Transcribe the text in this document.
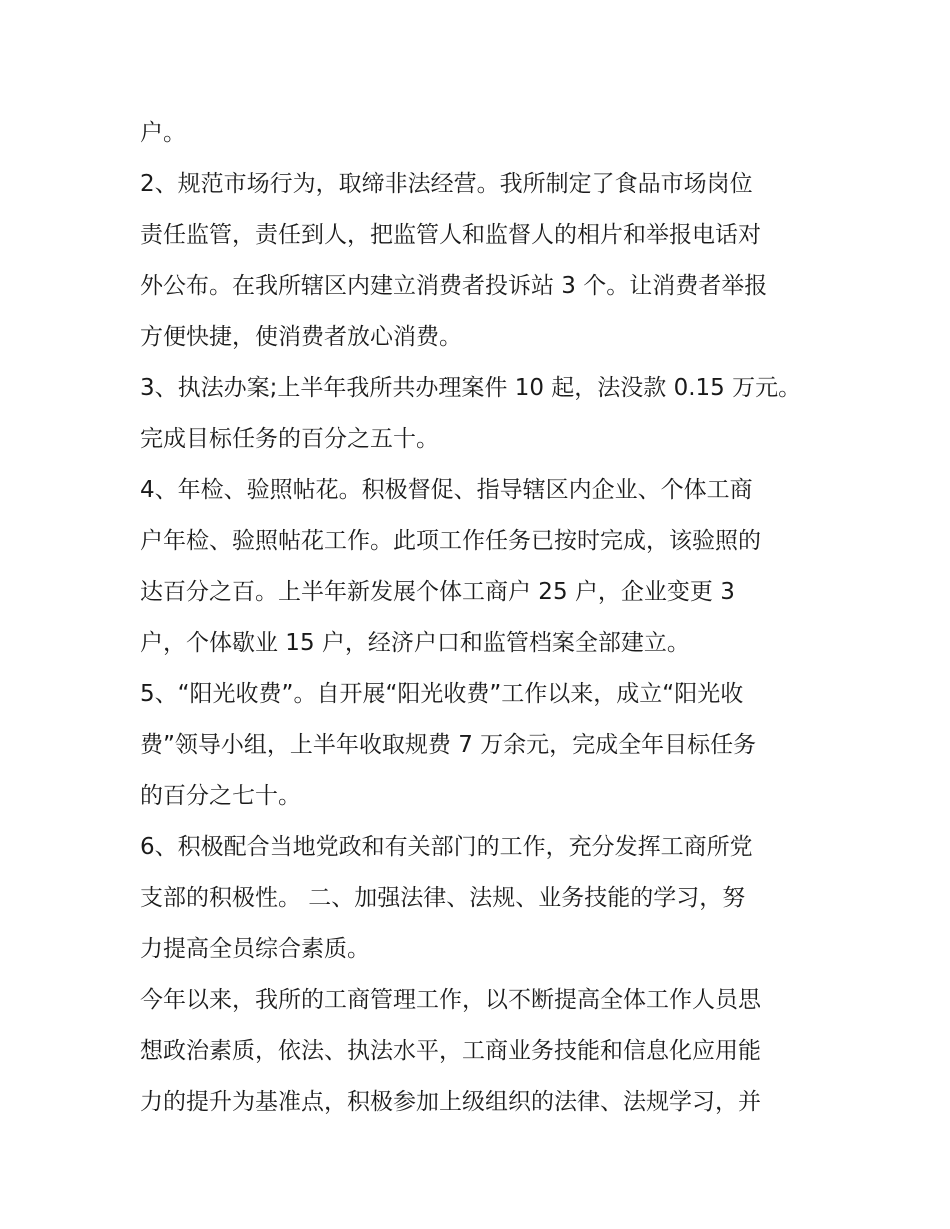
户。
2、规范市场行为，取缔非法经营。我所制定了食品市场岗位
责任监管，责任到人，把监管人和监督人的相片和举报电话对
外公布。在我所辖区内建立消费者投诉站 3 个。让消费者举报
方便快捷，使消费者放心消费。
3、执法办案;上半年我所共办理案件 10 起，法没款 0.15 万元。
完成目标任务的百分之五十。
4、年检、验照帖花。积极督促、指导辖区内企业、个体工商
户年检、验照帖花工作。此项工作任务已按时完成，该验照的
达百分之百。上半年新发展个体工商户 25 户，企业变更 3
户，个体歇业 15 户，经济户口和监管档案全部建立。
5、“阳光收费”。自开展“阳光收费”工作以来，成立“阳光收
费”领导小组，上半年收取规费 7 万余元，完成全年目标任务
的百分之七十。
6、积极配合当地党政和有关部门的工作，充分发挥工商所党
支部的积极性。 二、加强法律、法规、业务技能的学习，努
力提高全员综合素质。
今年以来，我所的工商管理工作，以不断提高全体工作人员思
想政治素质，依法、执法水平，工商业务技能和信息化应用能
力的提升为基准点，积极参加上级组织的法律、法规学习，并
